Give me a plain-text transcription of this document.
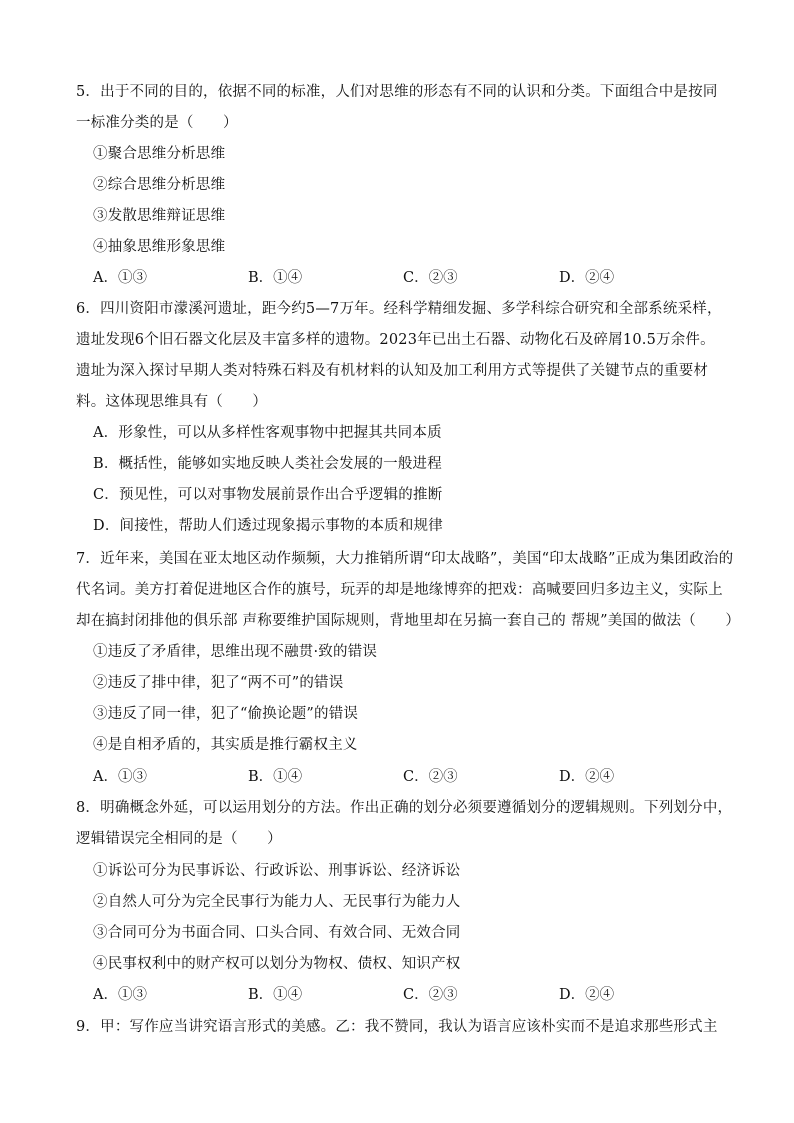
5．出于不同的目的，依据不同的标准，人们对思维的形态有不同的认识和分类。下面组合中是按同
一标准分类的是（　　）
①聚合思维分析思维
②综合思维分析思维
③发散思维辩证思维
④抽象思维形象思维
A．①③	B．①④	C．②③	D．②④
6．四川资阳市濛溪河遗址，距今约5—7万年。经科学精细发掘、多学科综合研究和全部系统采样，
遗址发现6个旧石器文化层及丰富多样的遗物。2023年已出土石器、动物化石及碎屑10.5万余件。
遗址为深入探讨早期人类对特殊石料及有机材料的认知及加工利用方式等提供了关键节点的重要材
料。这体现思维具有（　　）
A．形象性，可以从多样性客观事物中把握其共同本质
B．概括性，能够如实地反映人类社会发展的一般进程
C．预见性，可以对事物发展前景作出合乎逻辑的推断
D．间接性，帮助人们透过现象揭示事物的本质和规律
7．近年来，美国在亚太地区动作频频，大力推销所谓“印太战略”，美国“印太战略”正成为集团政治的
代名词。美方打着促进地区合作的旗号，玩弄的却是地缘博弈的把戏：高喊要回归多边主义，实际上
却在搞封闭排他的俱乐部 声称要维护国际规则，背地里却在另搞一套自己的 帮规”美国的做法（　　）
①违反了矛盾律，思维出现不融贯·致的错误
②违反了排中律，犯了“两不可”的错误
③违反了同一律，犯了“偷换论题”的错误
④是自相矛盾的，其实质是推行霸权主义
A．①③	B．①④	C．②③	D．②④
8．明确概念外延，可以运用划分的方法。作出正确的划分必须要遵循划分的逻辑规则。下列划分中，
逻辑错误完全相同的是（　　）
①诉讼可分为民事诉讼、行政诉讼、刑事诉讼、经济诉讼
②自然人可分为完全民事行为能力人、无民事行为能力人
③合同可分为书面合同、口头合同、有效合同、无效合同
④民事权利中的财产权可以划分为物权、债权、知识产权
A．①③	B．①④	C．②③	D．②④
9．甲：写作应当讲究语言形式的美感。乙：我不赞同，我认为语言应该朴实而不是追求那些形式主
